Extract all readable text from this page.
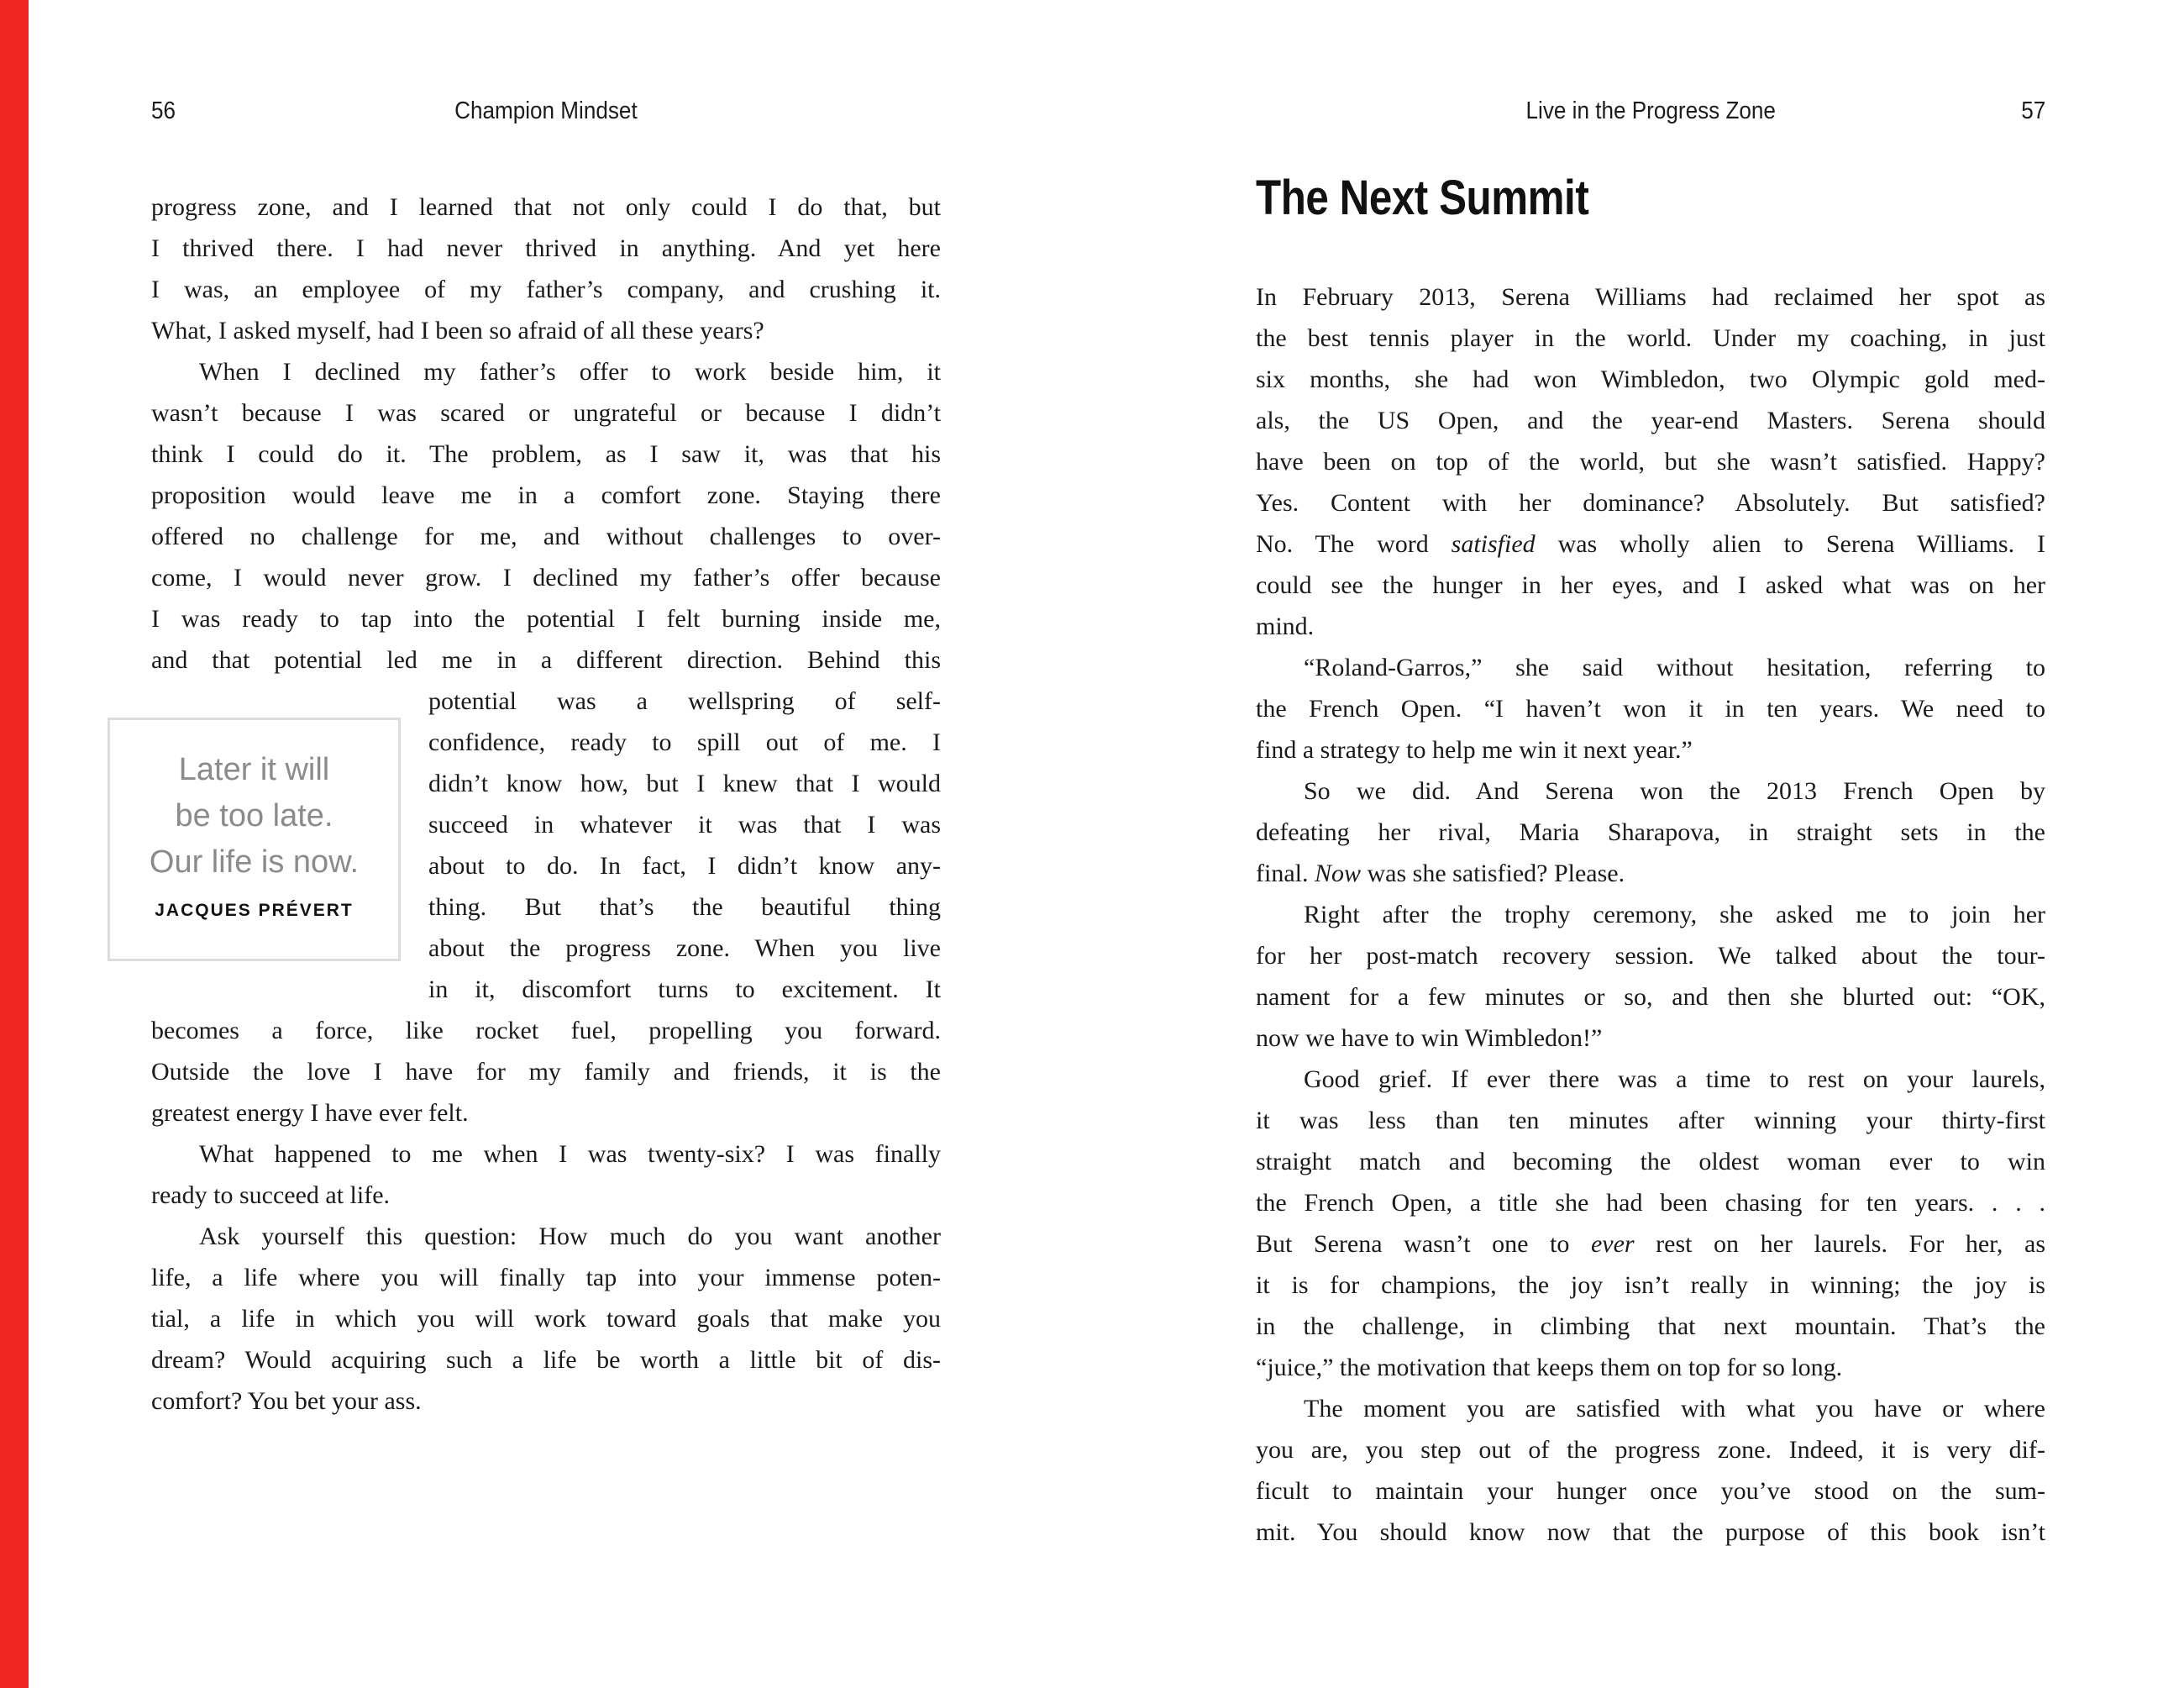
56	Champion Mindset
progress zone, and I learned that not only could I do that, but
I thrived there. I had never thrived in anything. And yet here
I was, an employee of my father’s company, and crushing it.
What, I asked myself, had I been so afraid of all these years?
When I declined my father’s offer to work beside him, it
wasn’t because I was scared or ungrateful or because I didn’t
think I could do it. The problem, as I saw it, was that his
proposition would leave me in a comfort zone. Staying there
offered no challenge for me, and without challenges to over-
come, I would never grow. I declined my father’s offer because
I was ready to tap into the potential I felt burning inside me,
and that potential led me in a different direction. Behind this
Later it will
be too late.
Our life is now.
JACQUES PRÉVERT
potential was a wellspring of self-
confidence, ready to spill out of me. I
didn’t know how, but I knew that I would
succeed in whatever it was that I was
about to do. In fact, I didn’t know any-
thing. But that’s the beautiful thing
about the progress zone. When you live
in it, discomfort turns to excitement. It
becomes a force, like rocket fuel, propelling you forward.
Outside the love I have for my family and friends, it is the
greatest energy I have ever felt.
What happened to me when I was twenty-six? I was finally
ready to succeed at life.
Ask yourself this question: How much do you want another
life, a life where you will finally tap into your immense poten-
tial, a life in which you will work toward goals that make you
dream? Would acquiring such a life be worth a little bit of dis-
comfort? You bet your ass.
Live in the Progress Zone	57
The Next Summit
In February 2013, Serena Williams had reclaimed her spot as
the best tennis player in the world. Under my coaching, in just
six months, she had won Wimbledon, two Olympic gold med-
als, the US Open, and the year-end Masters. Serena should
have been on top of the world, but she wasn’t satisfied. Happy?
Yes. Content with her dominance? Absolutely. But satisfied?
No. The word satisfied was wholly alien to Serena Williams. I
could see the hunger in her eyes, and I asked what was on her
mind.
“Roland-Garros,” she said without hesitation, referring to
the French Open. “I haven’t won it in ten years. We need to
find a strategy to help me win it next year.”
So we did. And Serena won the 2013 French Open by
defeating her rival, Maria Sharapova, in straight sets in the
final. Now was she satisfied? Please.
Right after the trophy ceremony, she asked me to join her
for her post-match recovery session. We talked about the tour-
nament for a few minutes or so, and then she blurted out: “OK,
now we have to win Wimbledon!”
Good grief. If ever there was a time to rest on your laurels,
it was less than ten minutes after winning your thirty-first
straight match and becoming the oldest woman ever to win
the French Open, a title she had been chasing for ten years. . . .
But Serena wasn’t one to ever rest on her laurels. For her, as
it is for champions, the joy isn’t really in winning; the joy is
in the challenge, in climbing that next mountain. That’s the
“juice,” the motivation that keeps them on top for so long.
The moment you are satisfied with what you have or where
you are, you step out of the progress zone. Indeed, it is very dif-
ficult to maintain your hunger once you’ve stood on the sum-
mit. You should know now that the purpose of this book isn’t
